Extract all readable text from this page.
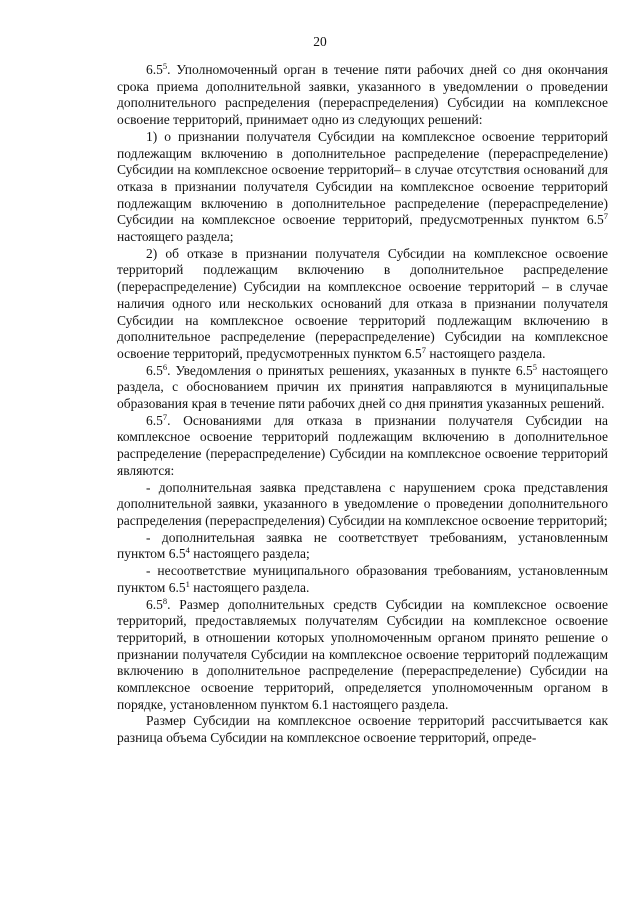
20

$6.5^5$. Уполномоченный орган в течение пяти рабочих дней со дня окончания срока приема дополнительной заявки, указанного в уведомлении о проведении дополнительного распределения (перераспределения) Субсидии на комплексное освоение территорий, принимает одно из следующих решений:

1) о признании получателя Субсидии на комплексное освоение территорий подлежащим включению в дополнительное распределение (перераспределение) Субсидии на комплексное освоение территорий– в случае отсутствия оснований для отказа в признании получателя Субсидии на комплексное освоение территорий подлежащим включению в дополнительное распределение (перераспределение) Субсидии на комплексное освоение территорий, предусмотренных пунктом $6.5^7$ настоящего раздела;

2) об отказе в признании получателя Субсидии на комплексное освоение территорий подлежащим включению в дополнительное распределение (перераспределение) Субсидии на комплексное освоение территорий – в случае наличия одного или нескольких оснований для отказа в признании получателя Субсидии на комплексное освоение территорий подлежащим включению в дополнительное распределение (перераспределение) Субсидии на комплексное освоение территорий, предусмотренных пунктом $6.5^7$ настоящего раздела.

$6.5^6$. Уведомления о принятых решениях, указанных в пункте $6.5^5$ настоящего раздела, с обоснованием причин их принятия направляются в муниципальные образования края в течение пяти рабочих дней со дня принятия указанных решений.

$6.5^7$. Основаниями для отказа в признании получателя Субсидии на комплексное освоение территорий подлежащим включению в дополнительное распределение (перераспределение) Субсидии на комплексное освоение территорий являются:

- дополнительная заявка представлена с нарушением срока представления дополнительной заявки, указанного в уведомление о проведении дополнительного распределения (перераспределения) Субсидии на комплексное освоение территорий;

- дополнительная заявка не соответствует требованиям, установленным пунктом $6.5^4$ настоящего раздела;

- несоответствие муниципального образования требованиям, установленным пунктом $6.5^1$ настоящего раздела.

$6.5^8$. Размер дополнительных средств Субсидии на комплексное освоение территорий, предоставляемых получателям Субсидии на комплексное освоение территорий, в отношении которых уполномоченным органом принято решение о признании получателя Субсидии на комплексное освоение территорий подлежащим включению в дополнительное распределение (перераспределение) Субсидии на комплексное освоение территорий, определяется уполномоченным органом в порядке, установленном пунктом 6.1 настоящего раздела.

Размер Субсидии на комплексное освоение территорий рассчитывается как разница объема Субсидии на комплексное освоение территорий, опреде-
